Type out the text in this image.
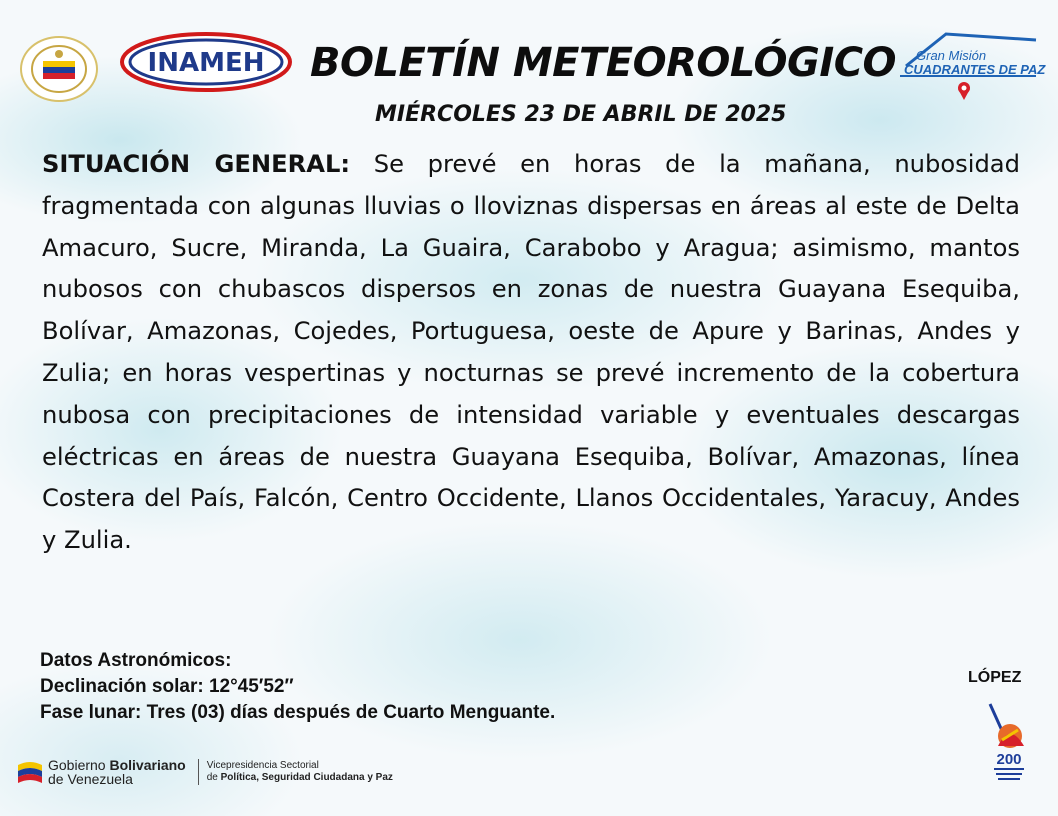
INAMEH BOLETÍN METEOROLÓGICO
MIÉRCOLES 23 DE ABRIL DE 2025
Gran Misión
CUADRANTES DE PAZ
SITUACIÓN GENERAL: Se prevé en horas de la mañana, nubosidad fragmentada con algunas lluvias o lloviznas dispersas en áreas al este de Delta Amacuro, Sucre, Miranda, La Guaira, Carabobo y Aragua; asimismo, mantos nubosos con chubascos dispersos en zonas de nuestra Guayana Esequiba, Bolívar, Amazonas, Cojedes, Portuguesa, oeste de Apure y Barinas, Andes y Zulia; en horas vespertinas y nocturnas se prevé incremento de la cobertura nubosa con precipitaciones de intensidad variable y eventuales descargas eléctricas en áreas de nuestra Guayana Esequiba, Bolívar, Amazonas, línea Costera del País, Falcón, Centro Occidente, Llanos Occidentales, Yaracuy, Andes y Zulia.
Datos Astronómicos:
Declinación solar: 12°45′52″
Fase lunar: Tres (03) días después de Cuarto Menguante.
LÓPEZ
Gobierno Bolivariano
de Venezuela
Vicepresidencia Sectorial
de Política, Seguridad Ciudadana y Paz
200
